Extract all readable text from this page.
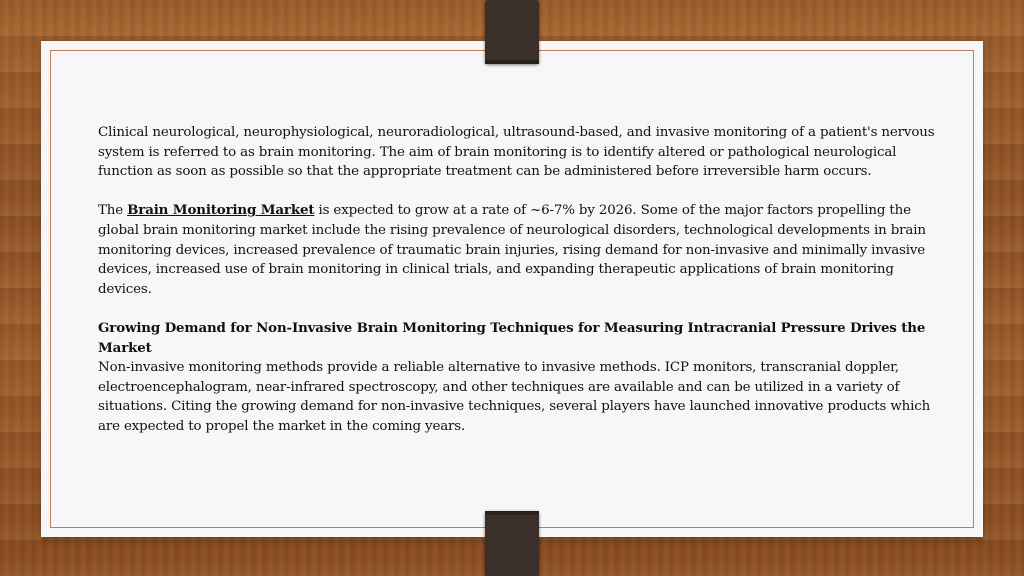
Clinical neurological, neurophysiological, neuroradiological, ultrasound-based, and invasive monitoring of a patient's nervous system is referred to as brain monitoring. The aim of brain monitoring is to identify altered or pathological neurological function as soon as possible so that the appropriate treatment can be administered before irreversible harm occurs.

The Brain Monitoring Market is expected to grow at a rate of ~6-7% by 2026. Some of the major factors propelling the global brain monitoring market include the rising prevalence of neurological disorders, technological developments in brain monitoring devices, increased prevalence of traumatic brain injuries, rising demand for non-invasive and minimally invasive devices, increased use of brain monitoring in clinical trials, and expanding therapeutic applications of brain monitoring devices.

Growing Demand for Non-Invasive Brain Monitoring Techniques for Measuring Intracranial Pressure Drives the Market

Non-invasive monitoring methods provide a reliable alternative to invasive methods. ICP monitors, transcranial doppler, electroencephalogram, near-infrared spectroscopy, and other techniques are available and can be utilized in a variety of situations. Citing the growing demand for non-invasive techniques, several players have launched innovative products which are expected to propel the market in the coming years.
